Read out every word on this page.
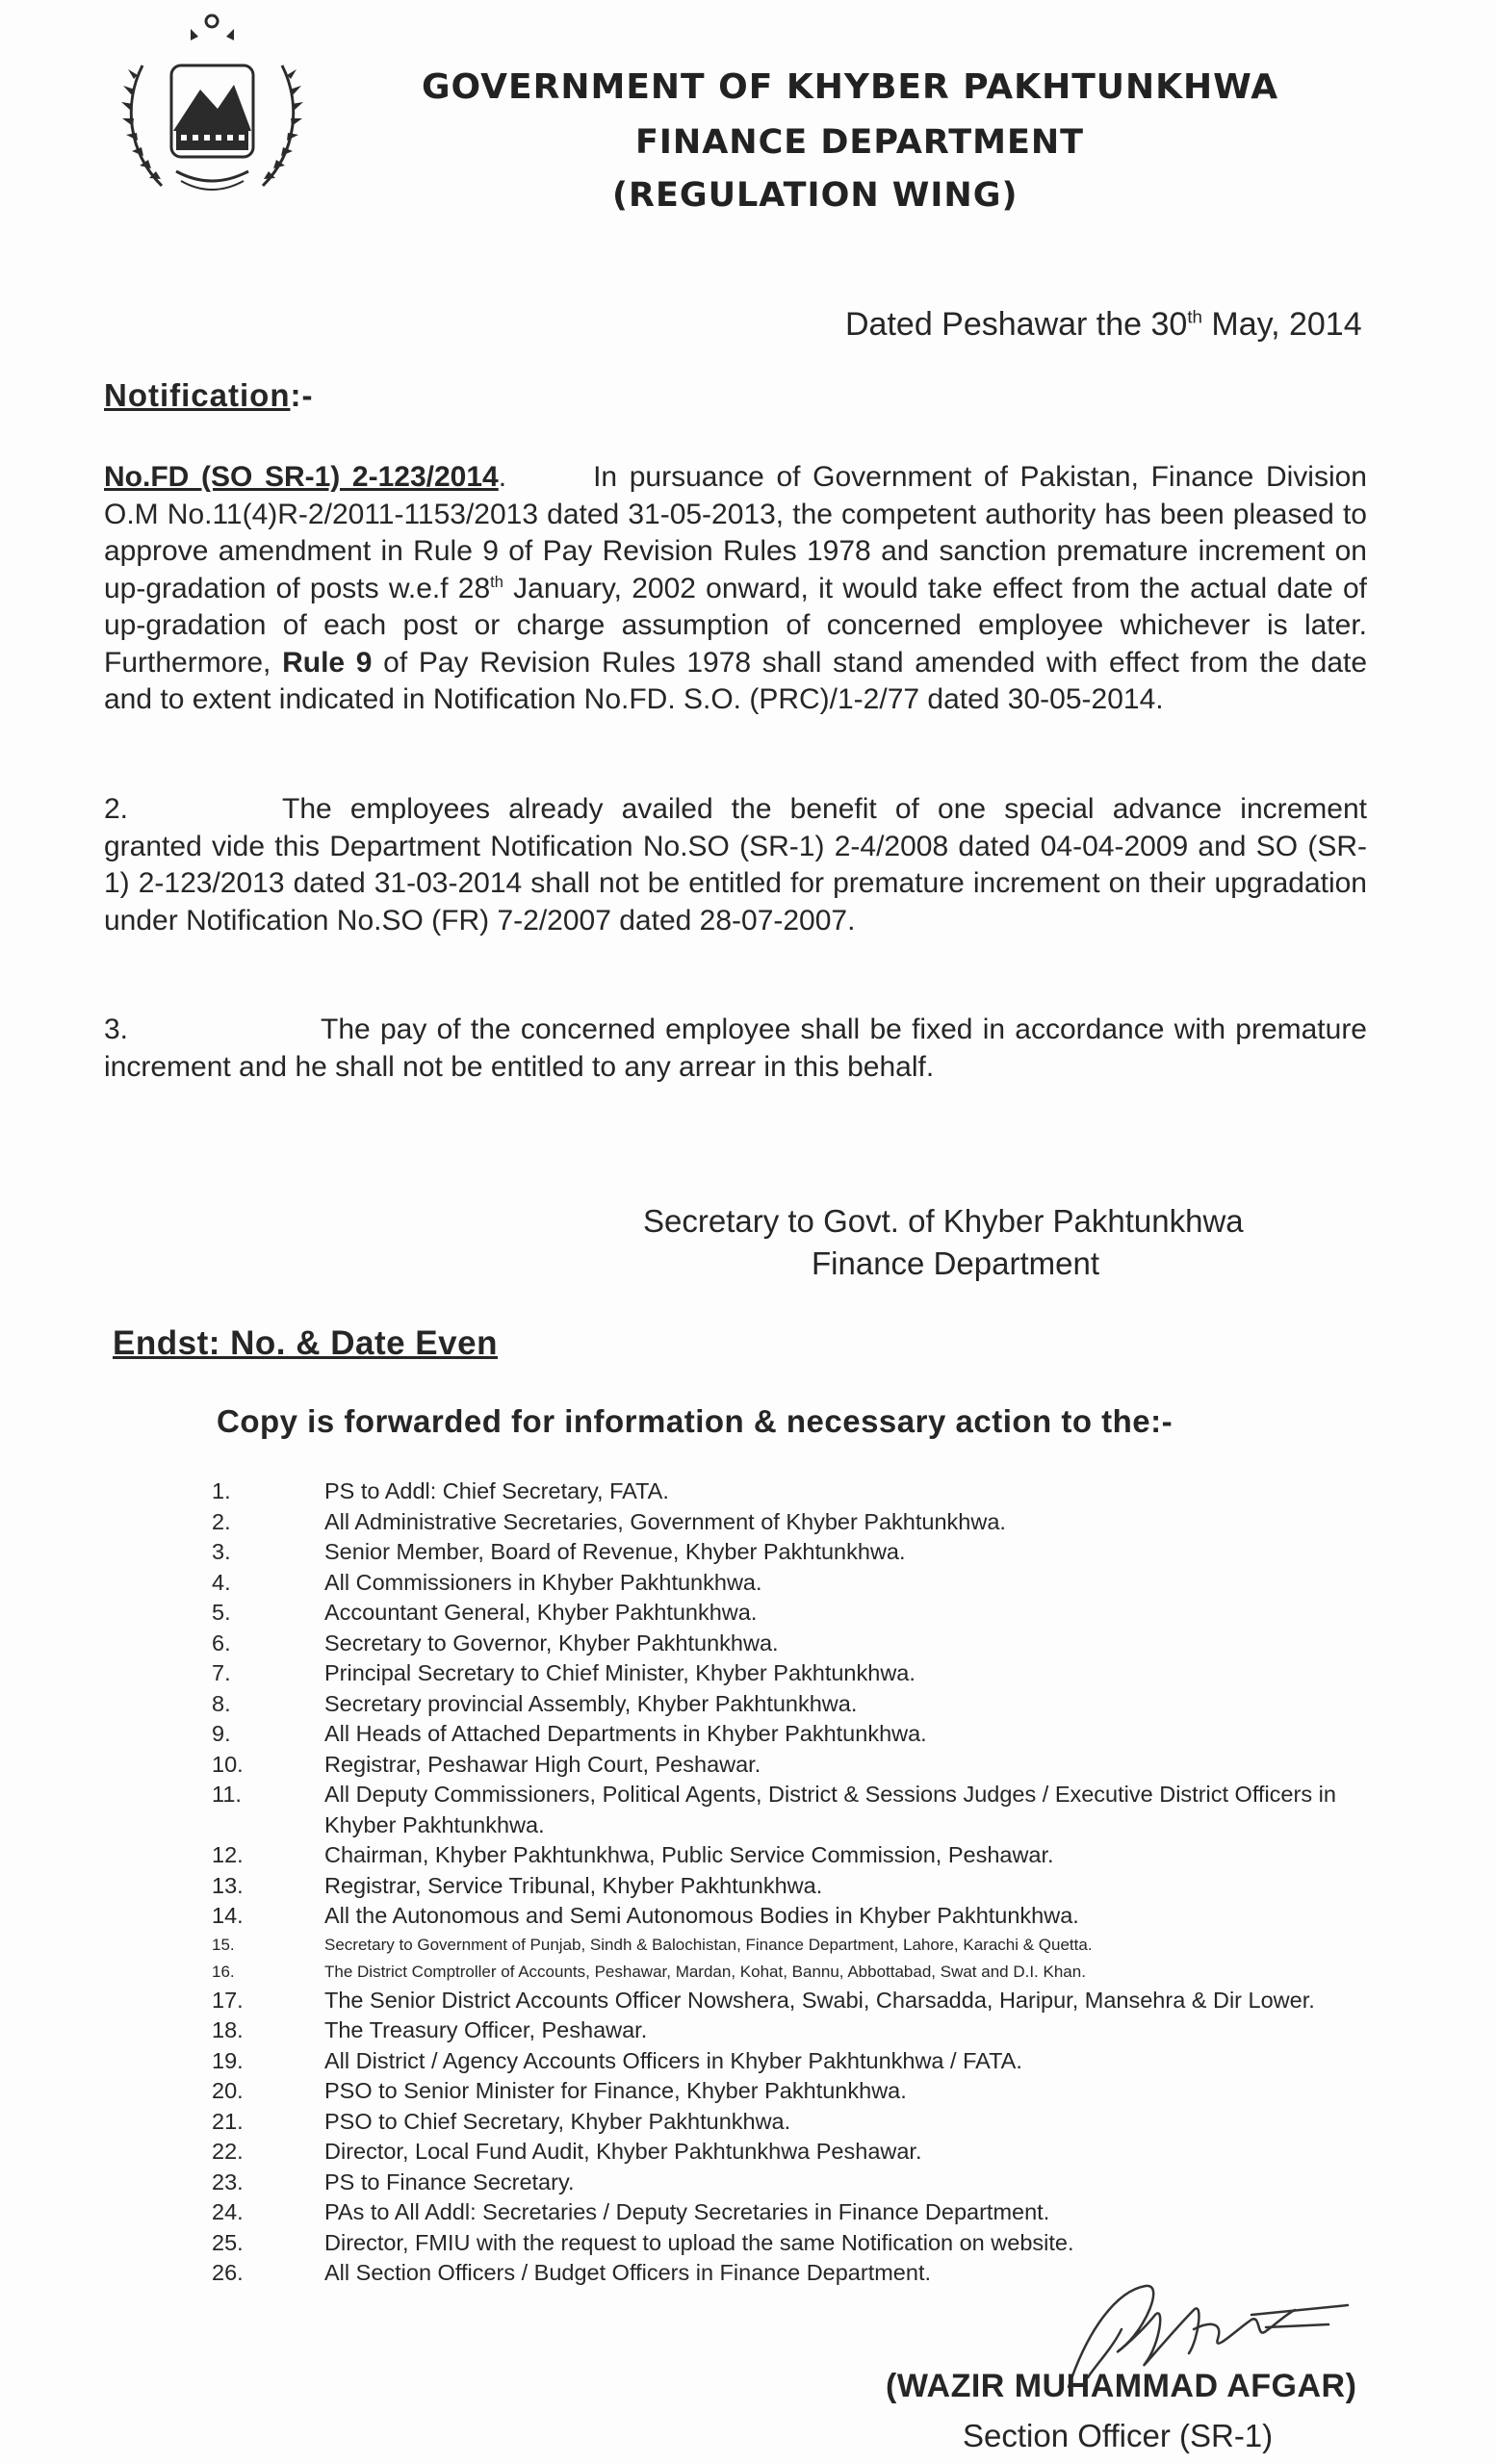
GOVERNMENT OF KHYBER PAKHTUNKHWA
FINANCE DEPARTMENT
(REGULATION WING)
Dated Peshawar the 30th May, 2014
Notification:-
No.FD (SO SR-1) 2-123/2014.	In pursuance of Government of Pakistan, Finance Division O.M No.11(4)R-2/2011-1153/2013 dated 31-05-2013, the competent authority has been pleased to approve amendment in Rule 9 of Pay Revision Rules 1978 and sanction premature increment on up-gradation of posts w.e.f 28th January, 2002 onward, it would take effect from the actual date of up-gradation of each post or charge assumption of concerned employee whichever is later. Furthermore, Rule 9 of Pay Revision Rules 1978 shall stand amended with effect from the date and to extent indicated in Notification No.FD. S.O. (PRC)/1-2/77 dated 30-05-2014.
2.	The employees already availed the benefit of one special advance increment granted vide this Department Notification No.SO (SR-1) 2-4/2008 dated 04-04-2009 and SO (SR-1) 2-123/2013 dated 31-03-2014 shall not be entitled for premature increment on their upgradation under Notification No.SO (FR) 7-2/2007 dated 28-07-2007.
3.	The pay of the concerned employee shall be fixed in accordance with premature increment and he shall not be entitled to any arrear in this behalf.
Secretary to Govt. of Khyber Pakhtunkhwa
Finance Department
Endst: No. & Date Even
Copy is forwarded for information & necessary action to the:-
1.	PS to Addl: Chief Secretary, FATA.
2.	All Administrative Secretaries, Government of Khyber Pakhtunkhwa.
3.	Senior Member, Board of Revenue, Khyber Pakhtunkhwa.
4.	All Commissioners in Khyber Pakhtunkhwa.
5.	Accountant General, Khyber Pakhtunkhwa.
6.	Secretary to Governor, Khyber Pakhtunkhwa.
7.	Principal Secretary to Chief Minister, Khyber Pakhtunkhwa.
8.	Secretary provincial Assembly, Khyber Pakhtunkhwa.
9.	All Heads of Attached Departments in Khyber Pakhtunkhwa.
10.	Registrar, Peshawar High Court, Peshawar.
11.	All Deputy Commissioners, Political Agents, District & Sessions Judges / Executive District Officers in Khyber Pakhtunkhwa.
12.	Chairman, Khyber Pakhtunkhwa, Public Service Commission, Peshawar.
13.	Registrar, Service Tribunal, Khyber Pakhtunkhwa.
14.	All the Autonomous and Semi Autonomous Bodies in Khyber Pakhtunkhwa.
15.	Secretary to Government of Punjab, Sindh & Balochistan, Finance Department, Lahore, Karachi & Quetta.
16.	The District Comptroller of Accounts, Peshawar, Mardan, Kohat, Bannu, Abbottabad, Swat and D.I. Khan.
17.	The Senior District Accounts Officer Nowshera, Swabi, Charsadda, Haripur, Mansehra & Dir Lower.
18.	The Treasury Officer, Peshawar.
19.	All District / Agency Accounts Officers in Khyber Pakhtunkhwa / FATA.
20.	PSO to Senior Minister for Finance, Khyber Pakhtunkhwa.
21.	PSO to Chief Secretary, Khyber Pakhtunkhwa.
22.	Director, Local Fund Audit, Khyber Pakhtunkhwa Peshawar.
23.	PS to Finance Secretary.
24.	PAs to All Addl: Secretaries / Deputy Secretaries in Finance Department.
25.	Director, FMIU with the request to upload the same Notification on website.
26.	All Section Officers / Budget Officers in Finance Department.
(WAZIR MUHAMMAD AFGAR)
Section Officer (SR-1)
